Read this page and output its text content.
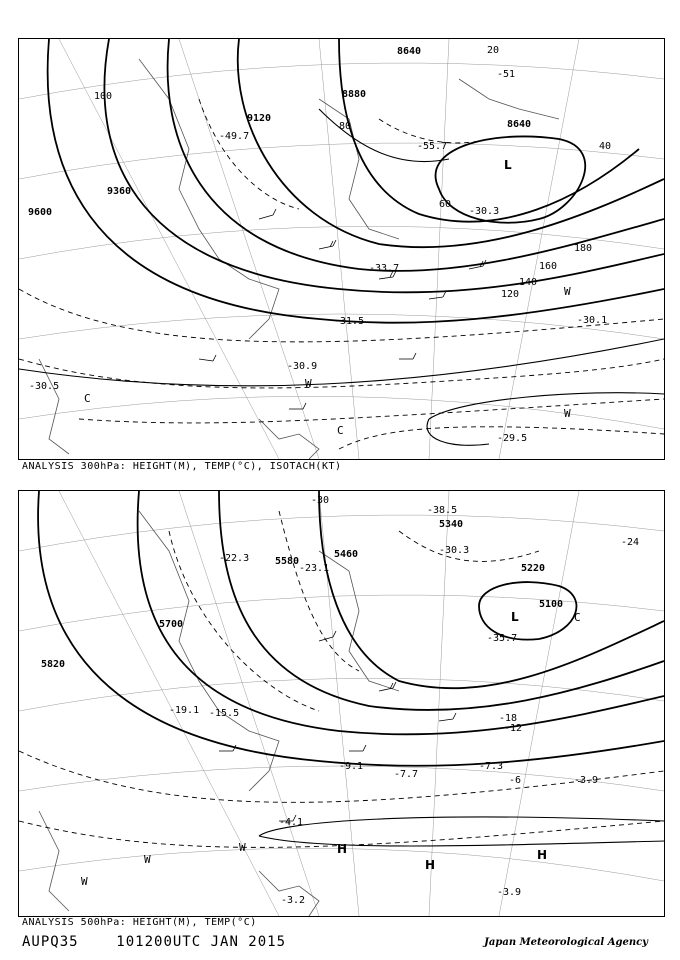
8640
8880
9120
9360
9600
8640
20
40
60
80
100
120
140
160
180
-51
-55.7
-49.7
-30.3
-33.7
-31.5	-30.1
-29.5
-30.9
-30.5
L
C
C
W
W
W
ANALYSIS 300hPa: HEIGHT(M), TEMP(°C), ISOTACH(KT)
5100
5340
5580
5700
5820
5220
5460
-30
-24
-18
-12
-6
-38.5
-30.3
-35.7
-22.3
-15.5
-9.1
-7.7
-7.3
-3.9
-4.1
-3.2
-3.9
-19.1
-23.1
L	C
W
W
W	H
H
H
ANALYSIS 500hPa: HEIGHT(M), TEMP(°C)
AUPQ35	101200UTC JAN 2015	Japan Meteorological Agency
